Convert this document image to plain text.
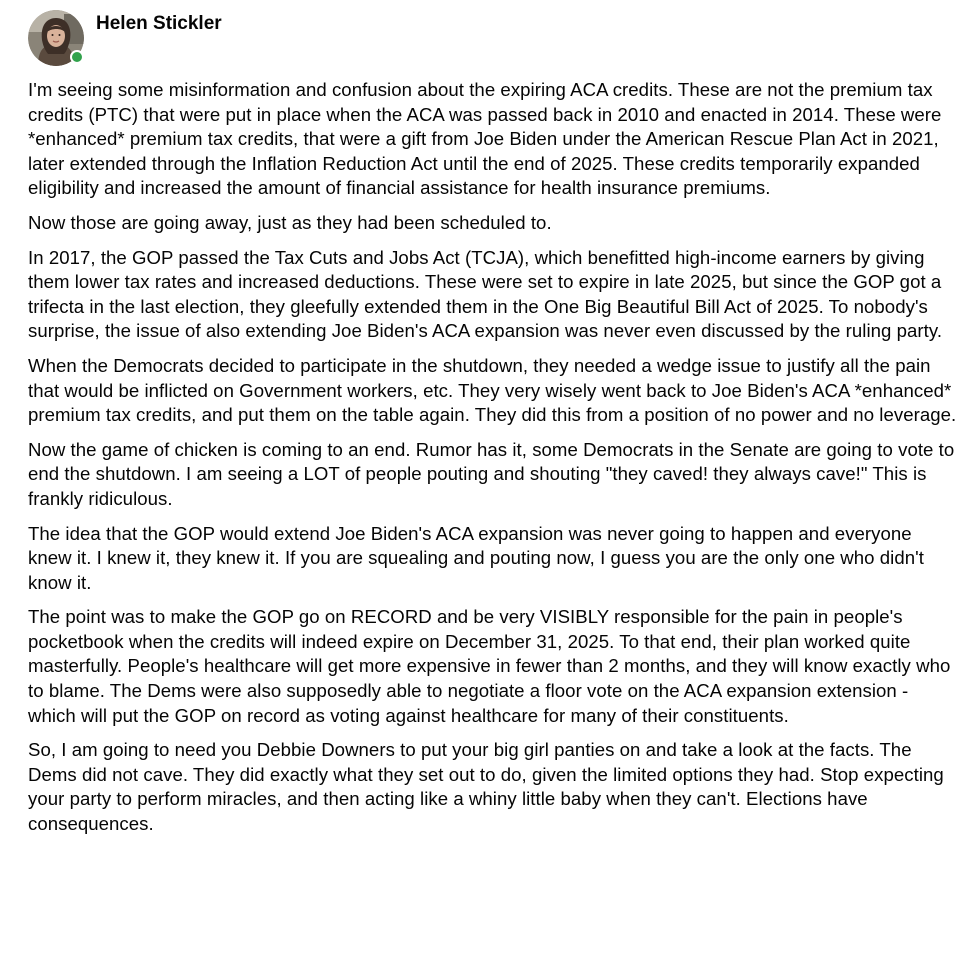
Helen Stickler

I'm seeing some misinformation and confusion about the expiring ACA credits. These are not the premium tax credits (PTC) that were put in place when the ACA was passed back in 2010 and enacted in 2014. These were *enhanced* premium tax credits, that were a gift from Joe Biden under the American Rescue Plan Act in 2021, later extended through the Inflation Reduction Act until the end of 2025. These credits temporarily expanded eligibility and increased the amount of financial assistance for health insurance premiums.

Now those are going away, just as they had been scheduled to.

In 2017, the GOP passed the Tax Cuts and Jobs Act (TCJA), which benefitted high-income earners by giving them lower tax rates and increased deductions. These were set to expire in late 2025, but since the GOP got a trifecta in the last election, they gleefully extended them in the One Big Beautiful Bill Act of 2025. To nobody's surprise, the issue of also extending Joe Biden's ACA expansion was never even discussed by the ruling party.

When the Democrats decided to participate in the shutdown, they needed a wedge issue to justify all the pain that would be inflicted on Government workers, etc. They very wisely went back to Joe Biden's ACA *enhanced* premium tax credits, and put them on the table again. They did this from a position of no power and no leverage.

Now the game of chicken is coming to an end. Rumor has it, some Democrats in the Senate are going to vote to end the shutdown. I am seeing a LOT of people pouting and shouting "they caved! they always cave!" This is frankly ridiculous.

The idea that the GOP would extend Joe Biden's ACA expansion was never going to happen and everyone knew it. I knew it, they knew it. If you are squealing and pouting now, I guess you are the only one who didn't know it.

The point was to make the GOP go on RECORD and be very VISIBLY responsible for the pain in people's pocketbook when the credits will indeed expire on December 31, 2025. To that end, their plan worked quite masterfully. People's healthcare will get more expensive in fewer than 2 months, and they will know exactly who to blame. The Dems were also supposedly able to negotiate a floor vote on the ACA expansion extension - which will put the GOP on record as voting against healthcare for many of their constituents.

So, I am going to need you Debbie Downers to put your big girl panties on and take a look at the facts. The Dems did not cave. They did exactly what they set out to do, given the limited options they had. Stop expecting your party to perform miracles, and then acting like a whiny little baby when they can't. Elections have consequences.
